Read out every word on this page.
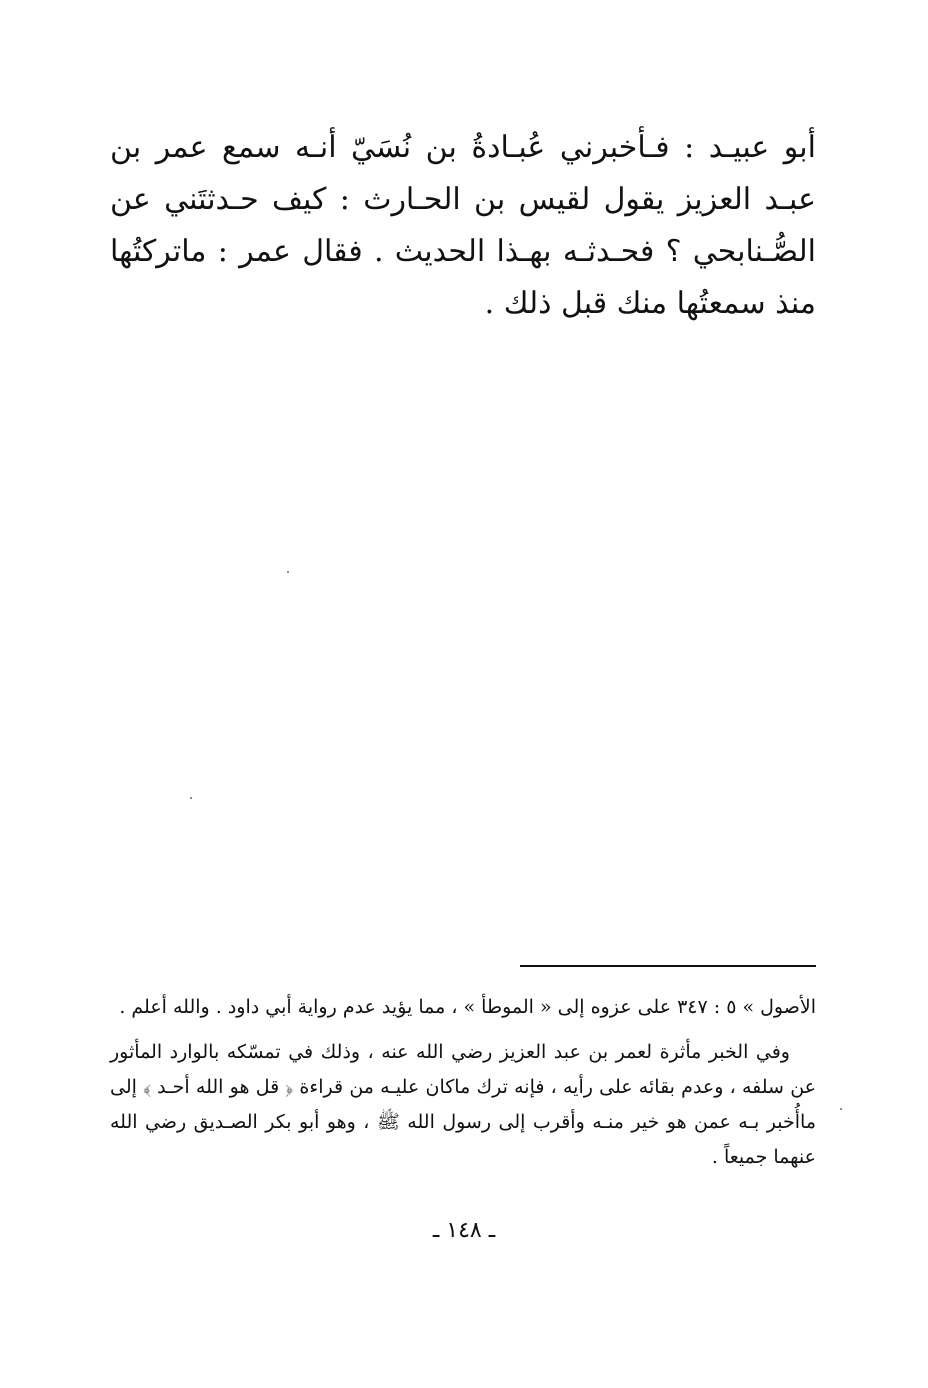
أبو عبيـد : فـأخبرني عُبـادةُ بن نُسَيّ أنـه سمع عمر بن عبـد العزيز يقول لقيس بن الحـارث : كيف حـدثتَني عن الصُّـنابحي ؟ فحـدثـه بهـذا الحديث . فقال عمر : ماتركتُها منذ سمعتُها منك قبل ذلك .

الأصول » ٥ : ٣٤٧ على عزوه إلى « الموطأ » ، مما يؤيد عدم رواية أبي داود . والله أعلم .

وفي الخبر مأثرة لعمر بن عبد العزيز رضي الله عنه ، وذلك في تمسّكه بالوارد المأثور عن سلفه ، وعدم بقائه على رأيه ، فإنه ترك ماكان عليـه من قراءة ﴿ قل هو الله أحـد ﴾ إلى ماأُخبر بـه عمن هو خير منـه وأقرب إلى رسول الله ﷺ ، وهو أبو بكر الصـديق رضي الله عنهما جميعاً .

ـ ١٤٨ ـ
